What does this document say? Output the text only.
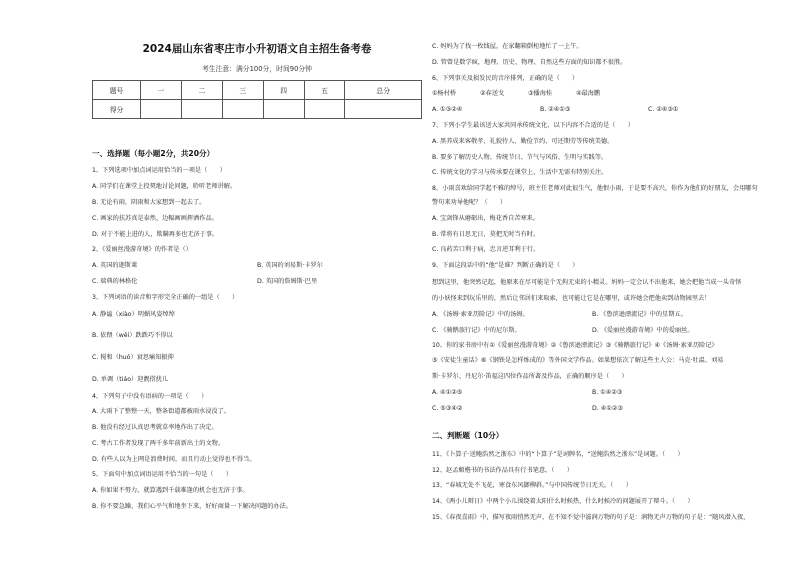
2024届山东省枣庄市小升初语文自主招生备考卷
考生注意：满分100分，时间90分钟
题号	一	二	三	四	五	总分
得分						
一、选择题（每小题2分，共20分）
1、下列选项中加点词运用恰当的一项是（　　）
A. 同学们在课堂上投契地讨论问题，聆听老师讲解。
B. 无论有雨，阴雨和大家想到一起去了。
C. 画家的扶苏真是泰然，边幅画画挥洒作品。
D. 对于不能上进的人，欺瞒再多也无济于事。
2、《爱丽丝漫游奇境》的作者是（）
A. 英国的迦斯莱	B. 英国的刘易斯·卡罗尔
C. 瑞典的林格伦	D. 英国的詹姆斯·巴里
3、下列词语的读音和字形完全正确的一组是（　　）
A. 静谧（xiào）明媚风姿绰绰
B. 依偎（wēi）跌跌巧不得以
C. 搅和（huó）衰思痛知振抑
D. 单调（tiáo）迎靓搭扰儿
4、下列句子中没有语病的一项是（　　）
A. 大雨下了整整一天，整条街道都被雨水浸没了。
B. 他没有经过认真思考就草率地作出了决定。
C. 考古工作者发现了两千多年前新出土的文物。
D. 有些人以为上网是浪费时间，而且行动上觉得也不得当。
5、下面句中加点词语运用不恰当的一句是（　　）
A. 你如果不努力，就算遇到千载难逢的机会也无济于事。
B. 你不要急躁，我们心平气和地坐下来，好好商量一下解决问题的办法。
C. 妈妈为了找一枚线屋，在家翻箱倒柜地忙了一上午。
D. 管曾是数学疯，地理、历史、物理、自然这些方面的知识都不很胜。
6、下列事关及损发民的音序排列，正确的是（　　）
①杨村桥	②春送戈	③播海桂	④最海鹏
A. ①③②④	B. ②④①③	C. ②④③①
7、下列小学生最该送大家共同承传统文化，以下内容不合适的是（　　）
A. 黑养成来客敬孝、礼貌待人、勤俭节约、可还期劳等传统美德。
B. 要多了解历史人物、传统节日、节气与风俗、生明与实践等。
C. 传统文化的学习与传承要在课堂上，生活中无需有特别关注。
8、小雨喜欢给同学起不雅的绰号，班主任老师对此很生气，他恨小雨，于是要不高兴，你作为他们的好朋友，会用哪句
警句来劝导他呢？（　　）
A. 宝剑锋从磨砺出，梅花香自苦寒来。
B. 常将有日思无日，莫把无时当有时。
C. 良药苦口利于病，忠言逆耳利于行。
9、下面这段话中的“他”是谁？判断正确的是（　　）
想到这里，他突然记起，他原来在尽可能是个无拘无束的小精灵。妈妈一定会认不出他来，她会把他当成一头奇怪
的小妖怪来到玩乐里的，然后让邻居们来取索，也可能让它是在哪里，或许她会把他卖到动物园里去！
A. 《汤姆·索亚历险记》中的汤姆。	B. 《鲁滨逊漂流记》中的星期五。
C. 《骑鹅旅行记》中的尼尔斯。	D. 《爱丽丝漫游奇境》中的爱丽丝。
10、你的家书房中有①《爱丽丝漫游奇境》②《鲁滨逊漂流记》③《骑鹅旅行记》④《汤姆·索亚历险记》
⑤《安徒生童话》⑥《钢铁是怎样炼成的》等外国文学作品。如果想依次了解这些主人公：马克·吐温、刘易
斯·卡罗尔、丹尼尔·笛福这四位作品所著及作品，正确的顺序是（　　）
A. ④①②⑤	B. ①④②③
C. ⑤③④②	D. ④①②③
二、判断题（10分）
11、《卜算子·送鲍浩然之浙东》中的“卜算子”是词牌名，“送鲍浩然之浙东”是词题。（　　）
12、赵孟頫楷书的书法作品具有行书笔意。（　　）
13、“春城无处不飞花，寒食东风御柳斜。”与中国传统节日无关。（　　）
14、《两小儿辩日》中两个小儿围绕着太阳什么时候热，什么时候冷的问题展开了辩斗。（　　）
15、《春夜喜雨》中，描写夜雨悄然无声，在不知不觉中滋润万物的句子是：润物无声万物的句子是：“随风潜入夜，
